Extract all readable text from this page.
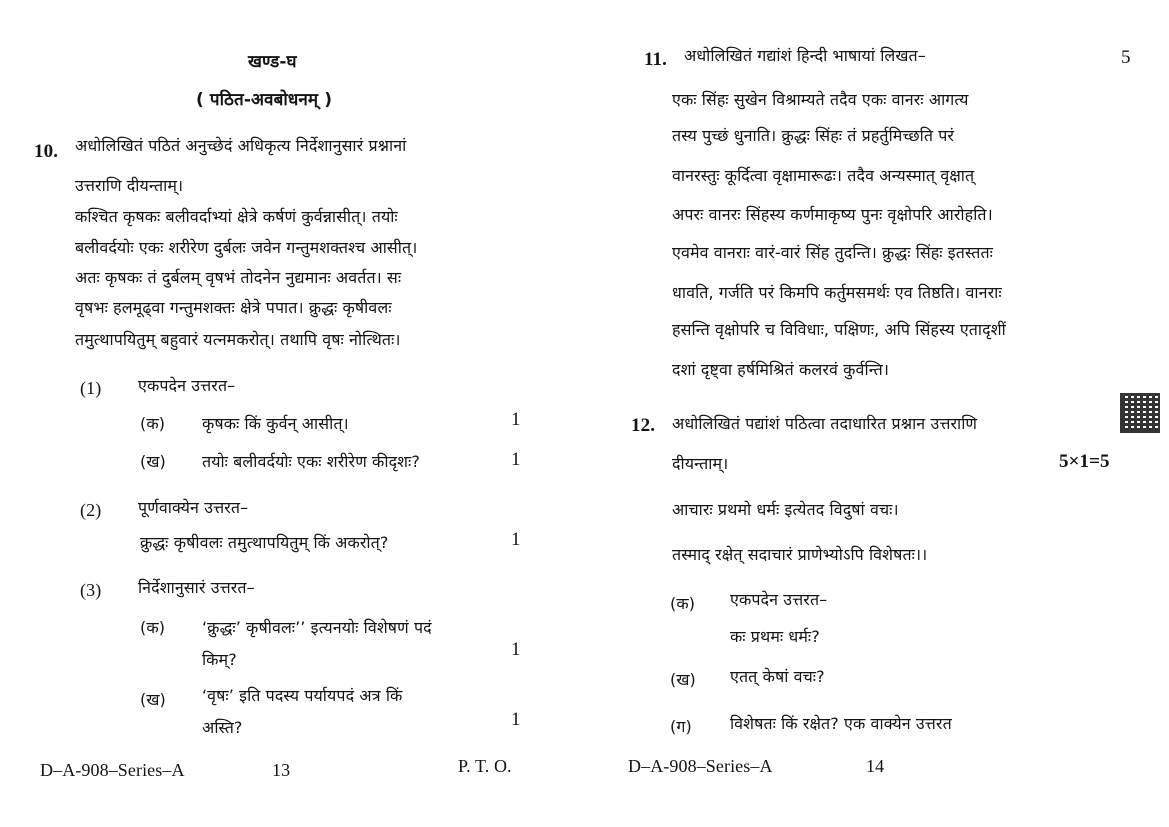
खण्ड-घ
( पठित-अवबोधनम् )
10. अधोलिखितं पठितं अनुच्छेदं अधिकृत्य निर्देशानुसारं प्रश्नानां
उत्तराणि दीयन्ताम्।
कश्चित कृषकः बलीवर्दाभ्यां क्षेत्रे कर्षणं कुर्वन्नासीत्। तयोः
बलीवर्दयोः एकः शरीरेण दुर्बलः जवेन गन्तुमशक्तश्च आसीत्।
अतः कृषकः तं दुर्बलम् वृषभं तोदनेन नुद्यमानः अवर्तत। सः
वृषभः हलमूढ्वा गन्तुमशक्तः क्षेत्रे पपात। क्रुद्धः कृषीवलः
तमुत्थापयितुम् बहुवारं यत्नमकरोत्। तथापि वृषः नोत्थितः।
(1) एकपदेन उत्तरत–
(क) कृषकः किं कुर्वन् आसीत्।	1
(ख) तयोः बलीवर्दयोः एकः शरीरेण कीदृशः?	1
(2) पूर्णवाक्येन उत्तरत–
क्रुद्धः कृषीवलः तमुत्थापयितुम् किं अकरोत्?	1
(3) निर्देशानुसारं उत्तरत–
(क) ‘क्रुद्धः’ कृषीवलः’’ इत्यनयोः विशेषणं पदं
किम्?	1
(ख) ‘वृषः’ इति पदस्य पर्यायपदं अत्र किं
अस्ति?	1
D–A-908–Series–A	13	P. T. O.
11. अधोलिखितं गद्यांशं हिन्दी भाषायां लिखत–	5
एकः सिंहः सुखेन विश्राम्यते तदैव एकः वानरः आगत्य
तस्य पुच्छं धुनाति। क्रुद्धः सिंहः तं प्रहर्तुमिच्छति परं
वानरस्तुः कूर्दित्वा वृक्षामारूढः। तदैव अन्यस्मात् वृक्षात्
अपरः वानरः सिंहस्य कर्णमाकृष्य पुनः वृक्षोपरि आरोहति।
एवमेव वानराः वारं-वारं सिंह तुदन्ति। क्रुद्धः सिंहः इतस्ततः
धावति, गर्जति परं किमपि कर्तुमसमर्थः एव तिष्ठति। वानराः
हसन्ति वृक्षोपरि च विविधाः, पक्षिणः, अपि सिंहस्य एतादृशीं
दशां दृष्ट्वा हर्षमिश्रितं कलरवं कुर्वन्ति।
12. अधोलिखितं पद्यांशं पठित्वा तदाधारित प्रश्नान उत्तराणि
दीयन्ताम्।	5×1=5
आचारः प्रथमो धर्मः इत्येतद विदुषां वचः।
तस्माद् रक्षेत् सदाचारं प्राणेभ्योऽपि विशेषतः।।
(क) एकपदेन उत्तरत–
कः प्रथमः धर्मः?
(ख) एतत् केषां वचः?
(ग) विशेषतः किं रक्षेत? एक वाक्येन उत्तरत
D–A-908–Series–A	14
